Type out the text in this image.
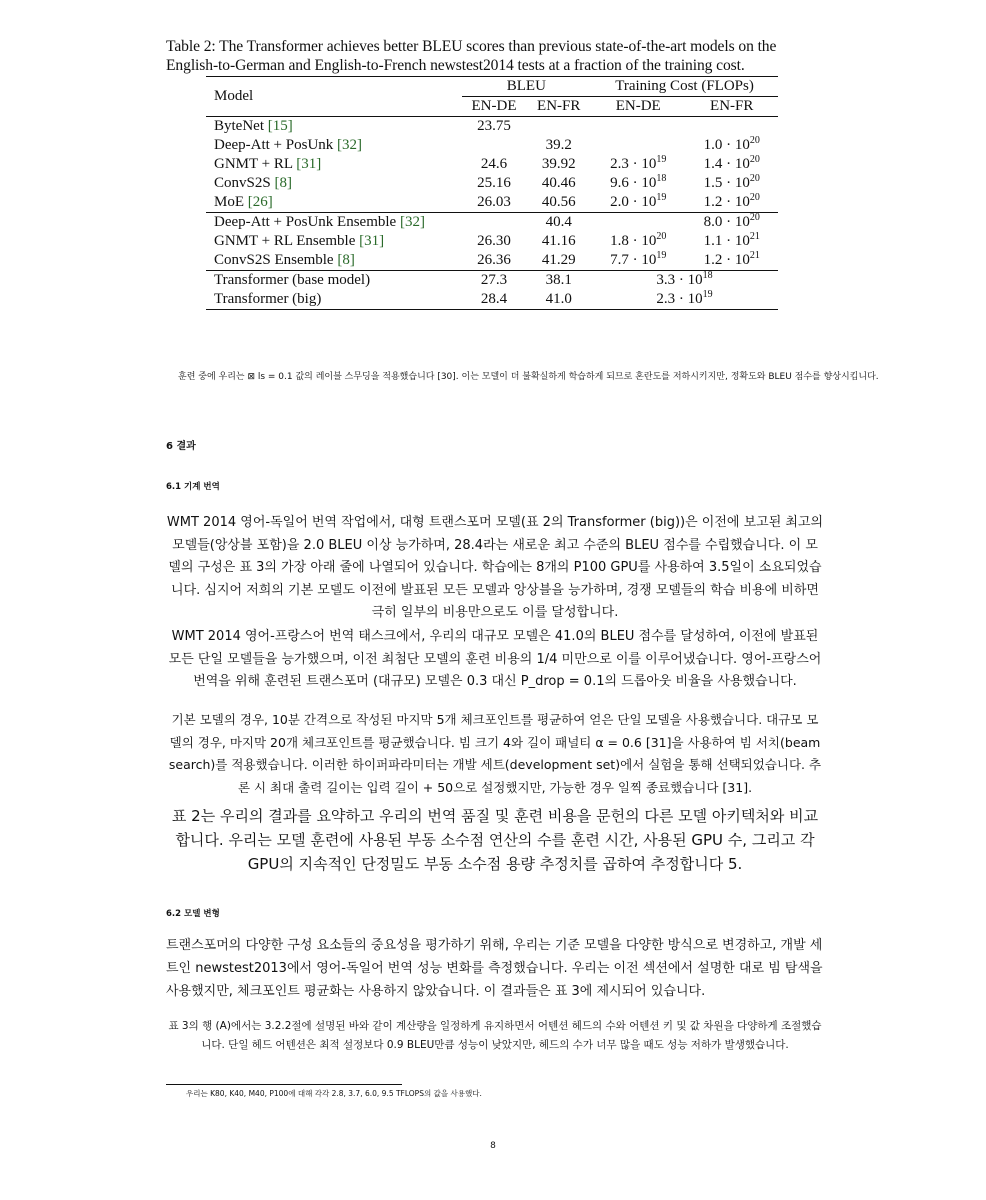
Table 2: The Transformer achieves better BLEU scores than previous state-of-the-art models on the English-to-German and English-to-French newstest2014 tests at a fraction of the training cost.
Model	BLEU		Training Cost (FLOPs)	
	EN-DE	EN-FR	EN-DE	EN-FR
ByteNet [ 15 ]	23.75			
Deep-Att + PosUnk [ 32 ]		39.2		$1.0 \cdot 10^{20}$
GNMT + RL [ 31 ]	24.6	39.92	$2.3 \cdot 10^{19}$	$1.4 \cdot 10^{20}$
ConvS2S [ 8 ]	25.16	40.46	$9.6 \cdot 10^{18}$	$1.5 \cdot 10^{20}$
MoE [ 26 ]	26.03	40.56	$2.0 \cdot 10^{19}$	$1.2 \cdot 10^{20}$
Deep-Att + PosUnk Ensemble [ 32 ]		40.4		$8.0 \cdot 10^{20}$
GNMT + RL Ensemble [ 31 ]	26.30	41.16	$1.8 \cdot 10^{20}$	$1.1 \cdot 10^{21}$
ConvS2S Ensemble [ 8 ]	26.36	41.29	$7.7 \cdot 10^{19}$	$1.2 \cdot 10^{21}$
Transformer (base model)	27.3	38.1	$3.3 \cdot 10^{18}$
Transformer (big)	28.4	41.0	$2.3 \cdot 10^{19}$
훈련 중에 우리는 ⊠ ls = 0.1 값의 레이블 스무딩을 적용했습니다 [30]. 이는 모델이 더 불확실하게 학습하게 되므로 혼란도를 저하시키지만, 정확도와 BLEU 점수를 향상시킵니다.
6 결과
6.1 기계 번역
WMT 2014 영어-독일어 번역 작업에서, 대형 트랜스포머 모델(표 2의 Transformer (big))은 이전에 보고된 최고의 모델들(앙상블 포함)을 2.0 BLEU 이상 능가하며, 28.4라는 새로운 최고 수준의 BLEU 점수를 수립했습니다. 이 모델의 구성은 표 3의 가장 아래 줄에 나열되어 있습니다. 학습에는 8개의 P100 GPU를 사용하여 3.5일이 소요되었습니다. 심지어 저희의 기본 모델도 이전에 발표된 모든 모델과 앙상블을 능가하며, 경쟁 모델들의 학습 비용에 비하면 극히 일부의 비용만으로도 이를 달성합니다.
WMT 2014 영어-프랑스어 번역 태스크에서, 우리의 대규모 모델은 41.0의 BLEU 점수를 달성하여, 이전에 발표된 모든 단일 모델들을 능가했으며, 이전 최첨단 모델의 훈련 비용의 1/4 미만으로 이를 이루어냈습니다. 영어-프랑스어 번역을 위해 훈련된 트랜스포머 (대규모) 모델은 0.3 대신 P_drop = 0.1의 드롭아웃 비율을 사용했습니다.
기본 모델의 경우, 10분 간격으로 작성된 마지막 5개 체크포인트를 평균하여 얻은 단일 모델을 사용했습니다. 대규모 모델의 경우, 마지막 20개 체크포인트를 평균했습니다. 빔 크기 4와 길이 패널티 α = 0.6 [31]을 사용하여 빔 서치(beam search)를 적용했습니다. 이러한 하이퍼파라미터는 개발 세트(development set)에서 실험을 통해 선택되었습니다. 추론 시 최대 출력 길이는 입력 길이 + 50으로 설정했지만, 가능한 경우 일찍 종료했습니다 [31].
표 2는 우리의 결과를 요약하고 우리의 번역 품질 및 훈련 비용을 문헌의 다른 모델 아키텍처와 비교합니다. 우리는 모델 훈련에 사용된 부동 소수점 연산의 수를 훈련 시간, 사용된 GPU 수, 그리고 각 GPU의 지속적인 단정밀도 부동 소수점 용량 추정치를 곱하여 추정합니다 5.
6.2 모델 변형
트랜스포머의 다양한 구성 요소들의 중요성을 평가하기 위해, 우리는 기준 모델을 다양한 방식으로 변경하고, 개발 세트인 newstest2013에서 영어-독일어 번역 성능 변화를 측정했습니다. 우리는 이전 섹션에서 설명한 대로 빔 탐색을 사용했지만, 체크포인트 평균화는 사용하지 않았습니다. 이 결과들은 표 3에 제시되어 있습니다.
표 3의 행 (A)에서는 3.2.2절에 설명된 바와 같이 계산량을 일정하게 유지하면서 어텐션 헤드의 수와 어텐션 키 및 값 차원을 다양하게 조절했습니다. 단일 헤드 어텐션은 최적 설정보다 0.9 BLEU만큼 성능이 낮았지만, 헤드의 수가 너무 많을 때도 성능 저하가 발생했습니다.
우리는 K80, K40, M40, P100에 대해 각각 2.8, 3.7, 6.0, 9.5 TFLOPS의 값을 사용했다.
8
